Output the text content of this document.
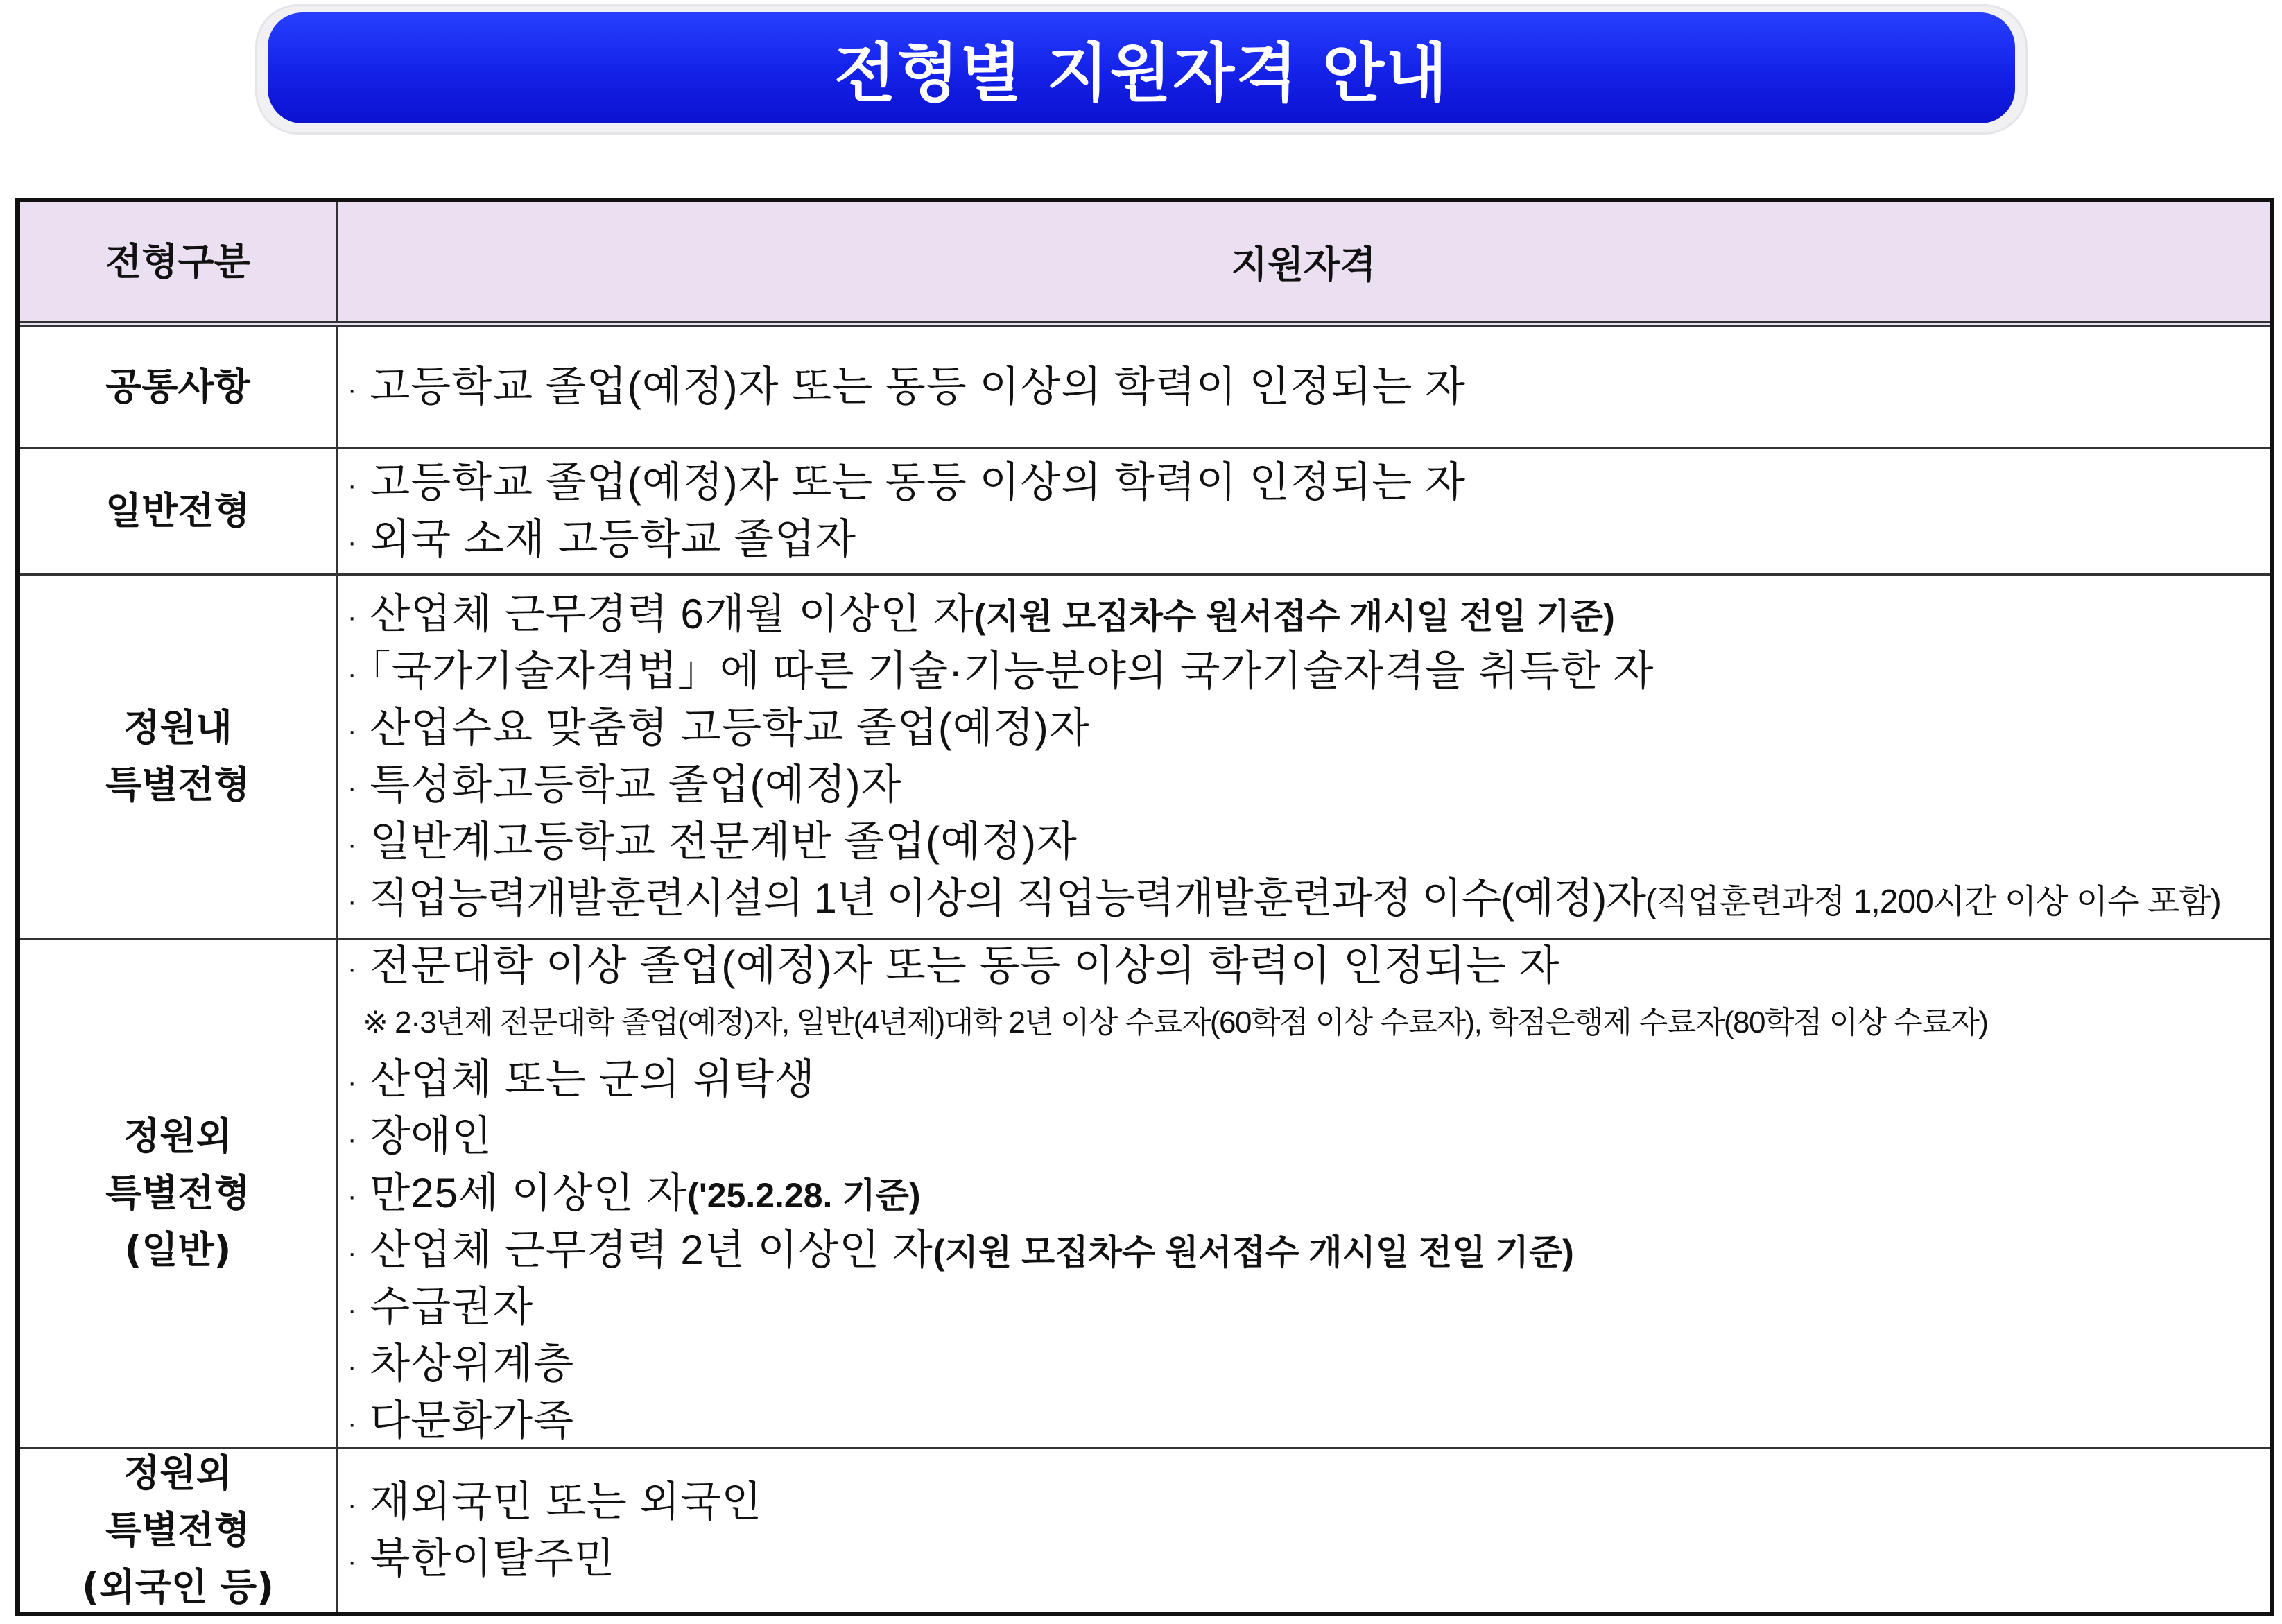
전형별 지원자격 안내
전형구분	지원자격
공통사항	· 고등학교 졸업(예정)자 또는 동등 이상의 학력이 인정되는 자
일반전형
· 고등학교 졸업(예정)자 또는 동등 이상의 학력이 인정되는 자
· 외국 소재 고등학교 졸업자
정원내
특별전형
· 산업체 근무경력 6개월 이상인 자(지원 모집차수 원서접수 개시일 전일 기준)
· 「국가기술자격법」에 따른 기술·기능분야의 국가기술자격을 취득한 자
· 산업수요 맞춤형 고등학교 졸업(예정)자
· 특성화고등학교 졸업(예정)자
· 일반계고등학교 전문계반 졸업(예정)자
· 직업능력개발훈련시설의 1년 이상의 직업능력개발훈련과정 이수(예정)자(직업훈련과정 1,200시간 이상 이수 포함)
정원외
특별전형
(일반)
· 전문대학 이상 졸업(예정)자 또는 동등 이상의 학력이 인정되는 자
※ 2·3년제 전문대학 졸업(예정)자, 일반(4년제)대학 2년 이상 수료자(60학점 이상 수료자), 학점은행제 수료자(80학점 이상 수료자)
· 산업체 또는 군의 위탁생
· 장애인
· 만25세 이상인 자('25.2.28. 기준)
· 산업체 근무경력 2년 이상인 자(지원 모집차수 원서접수 개시일 전일 기준)
· 수급권자
· 차상위계층
· 다문화가족
정원외
특별전형
(외국인 등)
· 재외국민 또는 외국인
· 북한이탈주민
